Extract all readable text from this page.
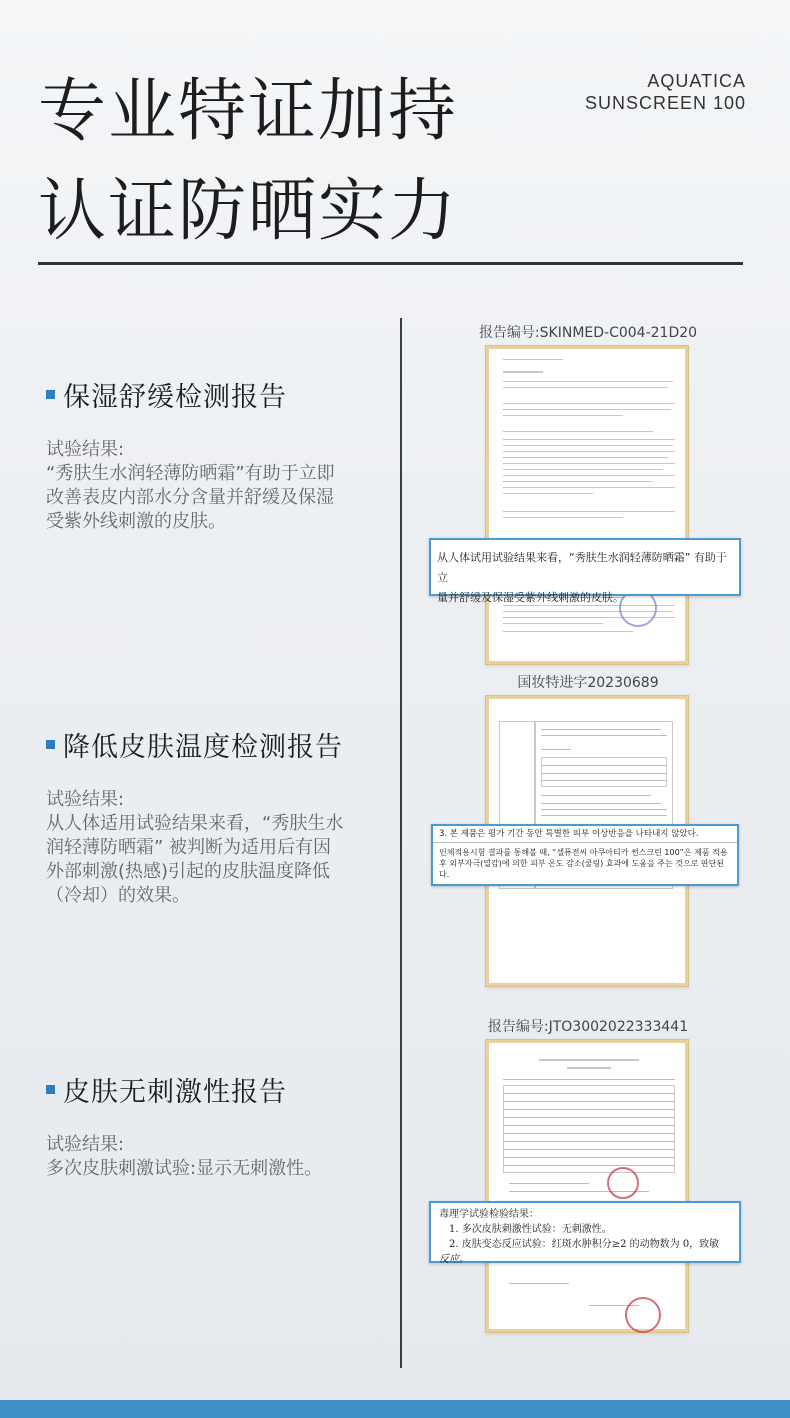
专业特证加持
认证防晒实力
AQUATICA
SUNSCREEN 100
保湿舒缓检测报告
试验结果:
“秀肤生水润轻薄防晒霜”有助于立即
改善表皮内部水分含量并舒缓及保湿
受紫外线刺激的皮肤。
降低皮肤温度检测报告
试验结果:
从人体适用试验结果来看，“秀肤生水
润轻薄防晒霜” 被判断为适用后有因
外部刺激(热感)引起的皮肤温度降低
（冷却）的效果。
皮肤无刺激性报告
试验结果:
多次皮肤刺激试验:显示无刺激性。
报告编号:SKINMED-C004-21D20

从人体试用试验结果来看，“秀肤生水润轻薄防晒霜” 有助于立

量并舒缓及保湿受紫外线刺激的皮肤。

国妆特进字20230689

3. 본 제품은 평가 기간 동안 특별한 피부 이상반응을 나타내지 않았다.

인체적용시험 결과를 통해볼 때, “셀퓨전씨 아쿠아티카 썬스크린 100”은 제품 적용 후 외부자극(열감)에 의한 피부 온도 감소(쿨링) 효과에 도움을 주는 것으로 판단된다.

报告编号:JTO3002022333441

毒理学试验检验结果：

1. 多次皮肤刺激性试验：无刺激性。

2. 皮肤变态反应试验：红斑水肿积分≥2 的动物数为 0，致敏

反应。
